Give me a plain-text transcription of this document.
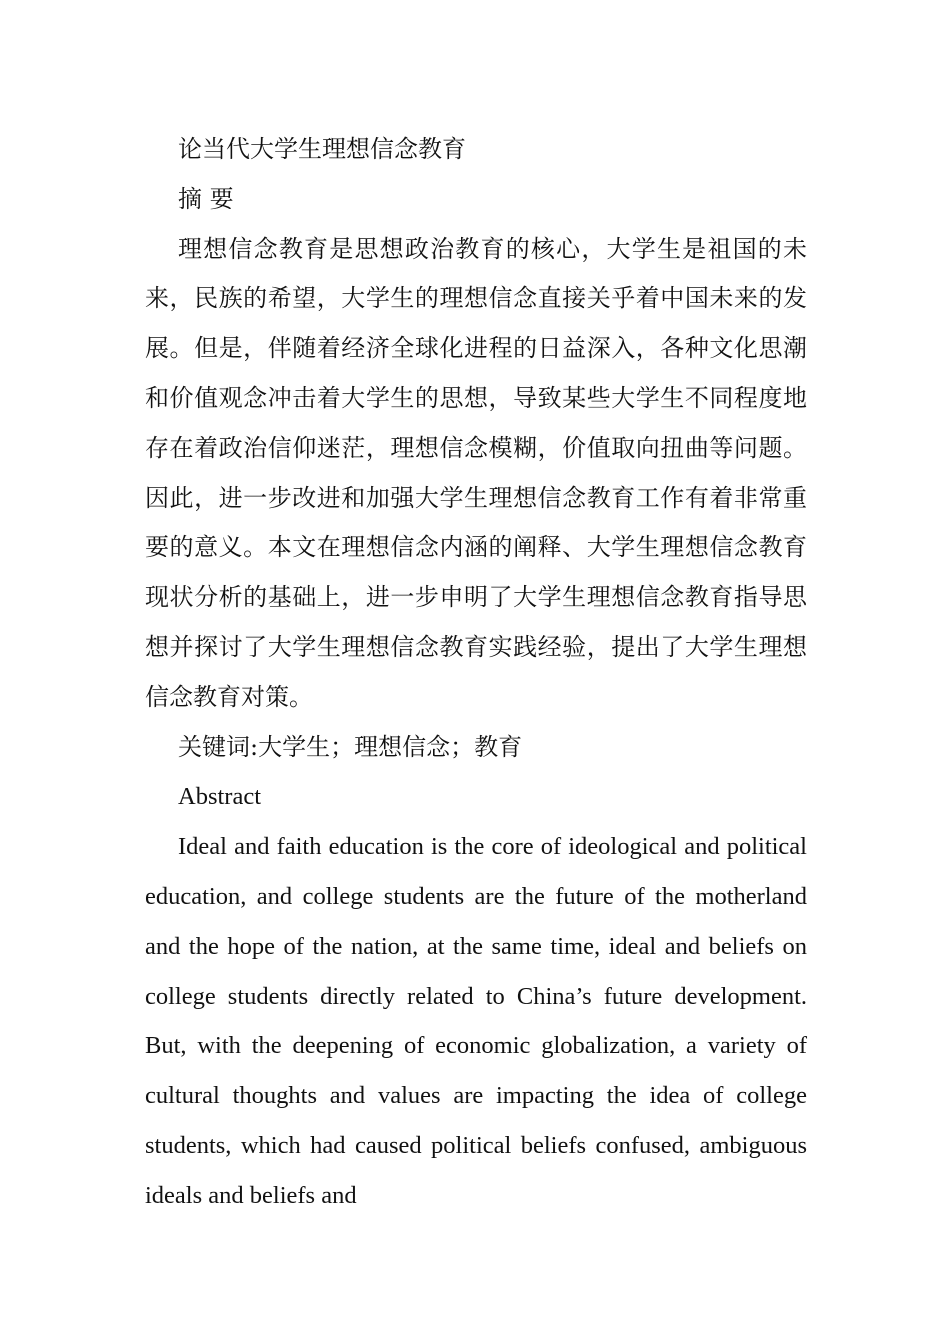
论当代大学生理想信念教育

摘 要

理想信念教育是思想政治教育的核心，大学生是祖国的未来，民族的希望，大学生的理想信念直接关乎着中国未来的发展。但是，伴随着经济全球化进程的日益深入，各种文化思潮和价值观念冲击着大学生的思想，导致某些大学生不同程度地存在着政治信仰迷茫，理想信念模糊，价值取向扭曲等问题。因此，进一步改进和加强大学生理想信念教育工作有着非常重要的意义。本文在理想信念内涵的阐释、大学生理想信念教育现状分析的基础上，进一步申明了大学生理想信念教育指导思想并探讨了大学生理想信念教育实践经验，提出了大学生理想信念教育对策。

关键词:大学生；理想信念；教育

Abstract

Ideal and faith education is the core of ideological and political education, and college students are the future of the motherland and the hope of the nation, at the same time, ideal and beliefs on college students directly related to China’s future development. But, with the deepening of economic globalization, a variety of cultural thoughts and values are impacting the idea of college students, which had caused political beliefs confused, ambiguous ideals and beliefs and
